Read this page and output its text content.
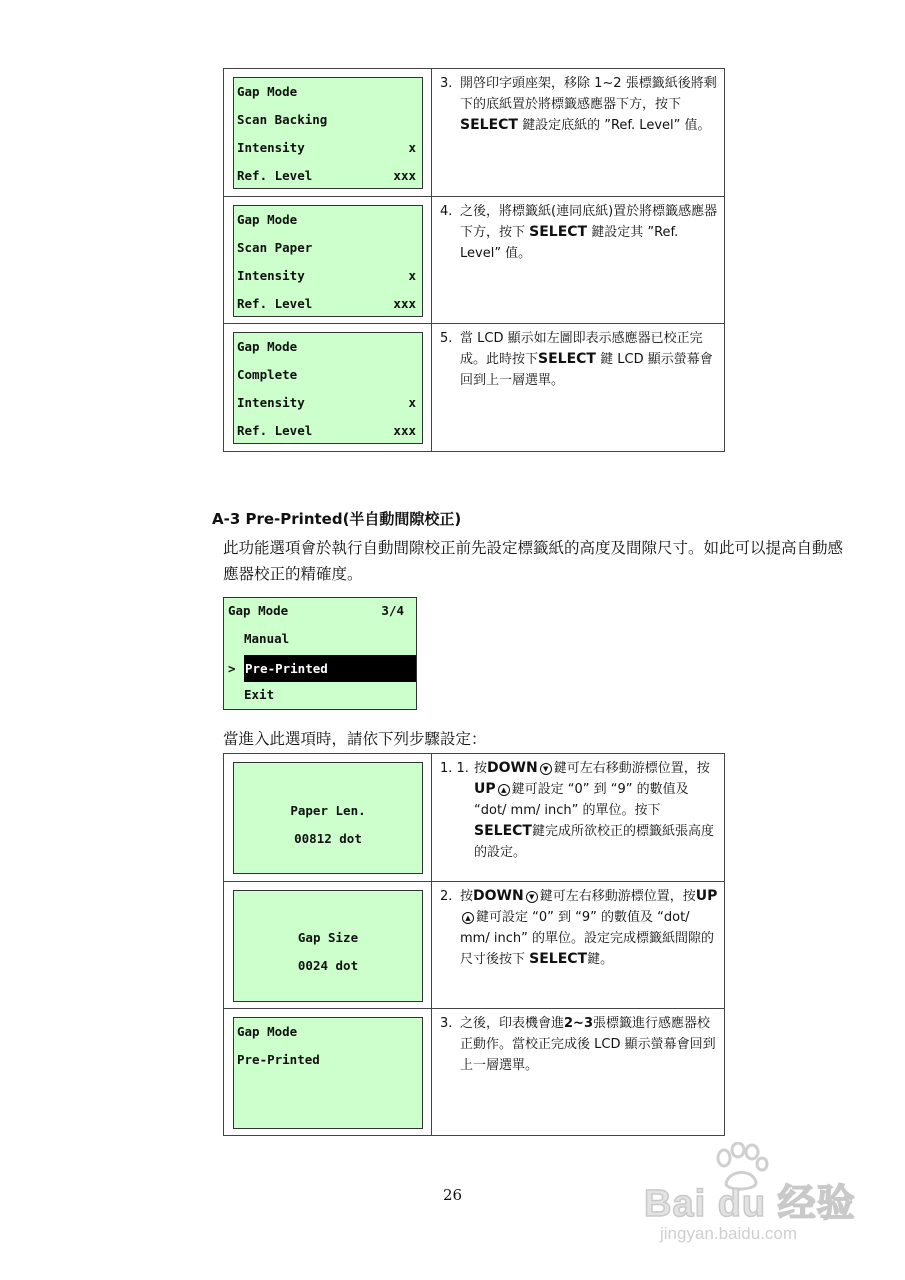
Gap Mode
Scan Backing
Intensity	x
Ref. Level	xxx
3. 開啓印字頭座架，移除 1~2 張標籤紙後將剩下的底紙置於將標籤感應器下方，按下 SELECT 鍵設定底紙的 ”Ref. Level” 值。
Gap Mode
Scan Paper
Intensity	x
Ref. Level	xxx
4. 之後，將標籤紙(連同底紙)置於將標籤感應器下方，按下 SELECT 鍵設定其 ”Ref. Level” 值。
Gap Mode
Complete
Intensity	x
Ref. Level	xxx
5. 當 LCD 顯示如左圖即表示感應器已校正完成。此時按下SELECT 鍵 LCD 顯示螢幕會回到上一層選單。
A-3 Pre-Printed(半自動間隙校正)
此功能選項會於執行自動間隙校正前先設定標籤紙的高度及間隙尺寸。如此可以提高自動感應器校正的精確度。
Gap Mode	3/4
Manual
> Pre-Printed
Exit
當進入此選項時，請依下列步驟設定：
Paper Len.
00812 dot
1. 1. 按DOWN ▼ 鍵可左右移動游標位置，按UP ▲ 鍵可設定 “0” 到 “9” 的數值及 “dot/ mm/ inch” 的單位。按下SELECT鍵完成所欲校正的標籤紙張高度的設定。
Gap Size
0024 dot
2. 按DOWN ▼ 鍵可左右移動游標位置，按UP▲ 鍵可設定 “0” 到 “9” 的數值及 “dot/ mm/ inch” 的單位。設定完成標籤紙間隙的尺寸後按下 SELECT鍵。
Gap Mode
Pre-Printed
3. 之後，印表機會進2~3張標籤進行感應器校正動作。當校正完成後 LCD 顯示螢幕會回到上一層選單。
26	Bai du 经验
jingyan.baidu.com
